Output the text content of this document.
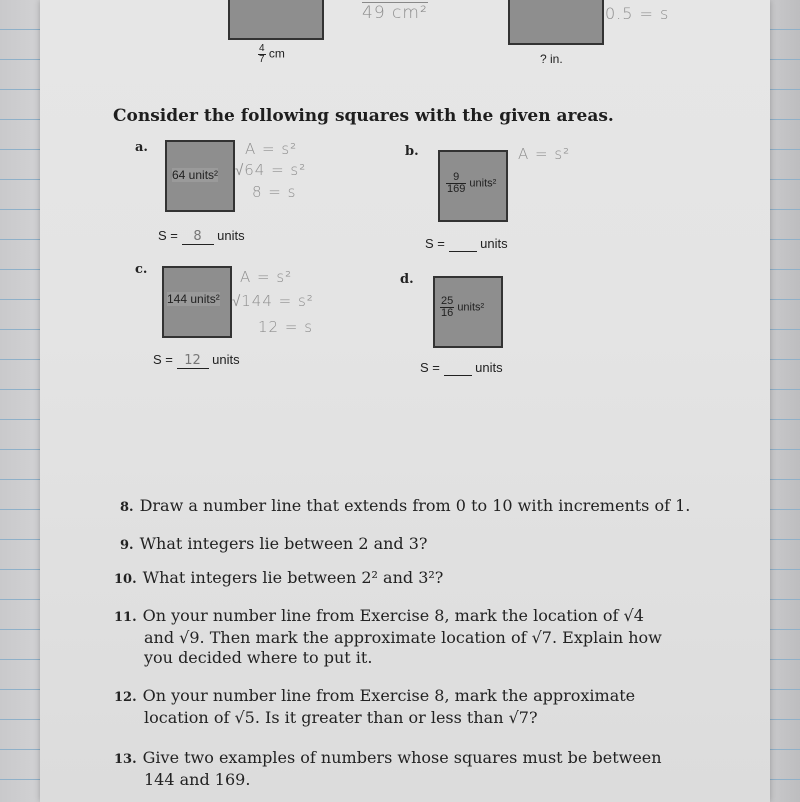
49 cm²	0.5 = s
$\frac{4}{7}$ cm	? in.
Consider the following squares with the given areas.
a.
64 units²
A = s²
√64 = s²
8 = s
S = 8 units
b.
$\frac{9}{169}$ units²
A = s²
S =	units
c.
144 units²
A = s²
√144 = s²
12 = s
S = 12 units
d.
$\frac{25}{16}$ units²
S =	units
8. Draw a number line that extends from 0 to 10 with increments of 1.
9. What integers lie between 2 and 3?
10. What integers lie between 2² and 3²?
11. On your number line from Exercise 8, mark the location of √4
and √9. Then mark the approximate location of √7. Explain how
you decided where to put it.
12. On your number line from Exercise 8, mark the approximate
location of √5. Is it greater than or less than √7?
13. Give two examples of numbers whose squares must be between
144 and 169.
